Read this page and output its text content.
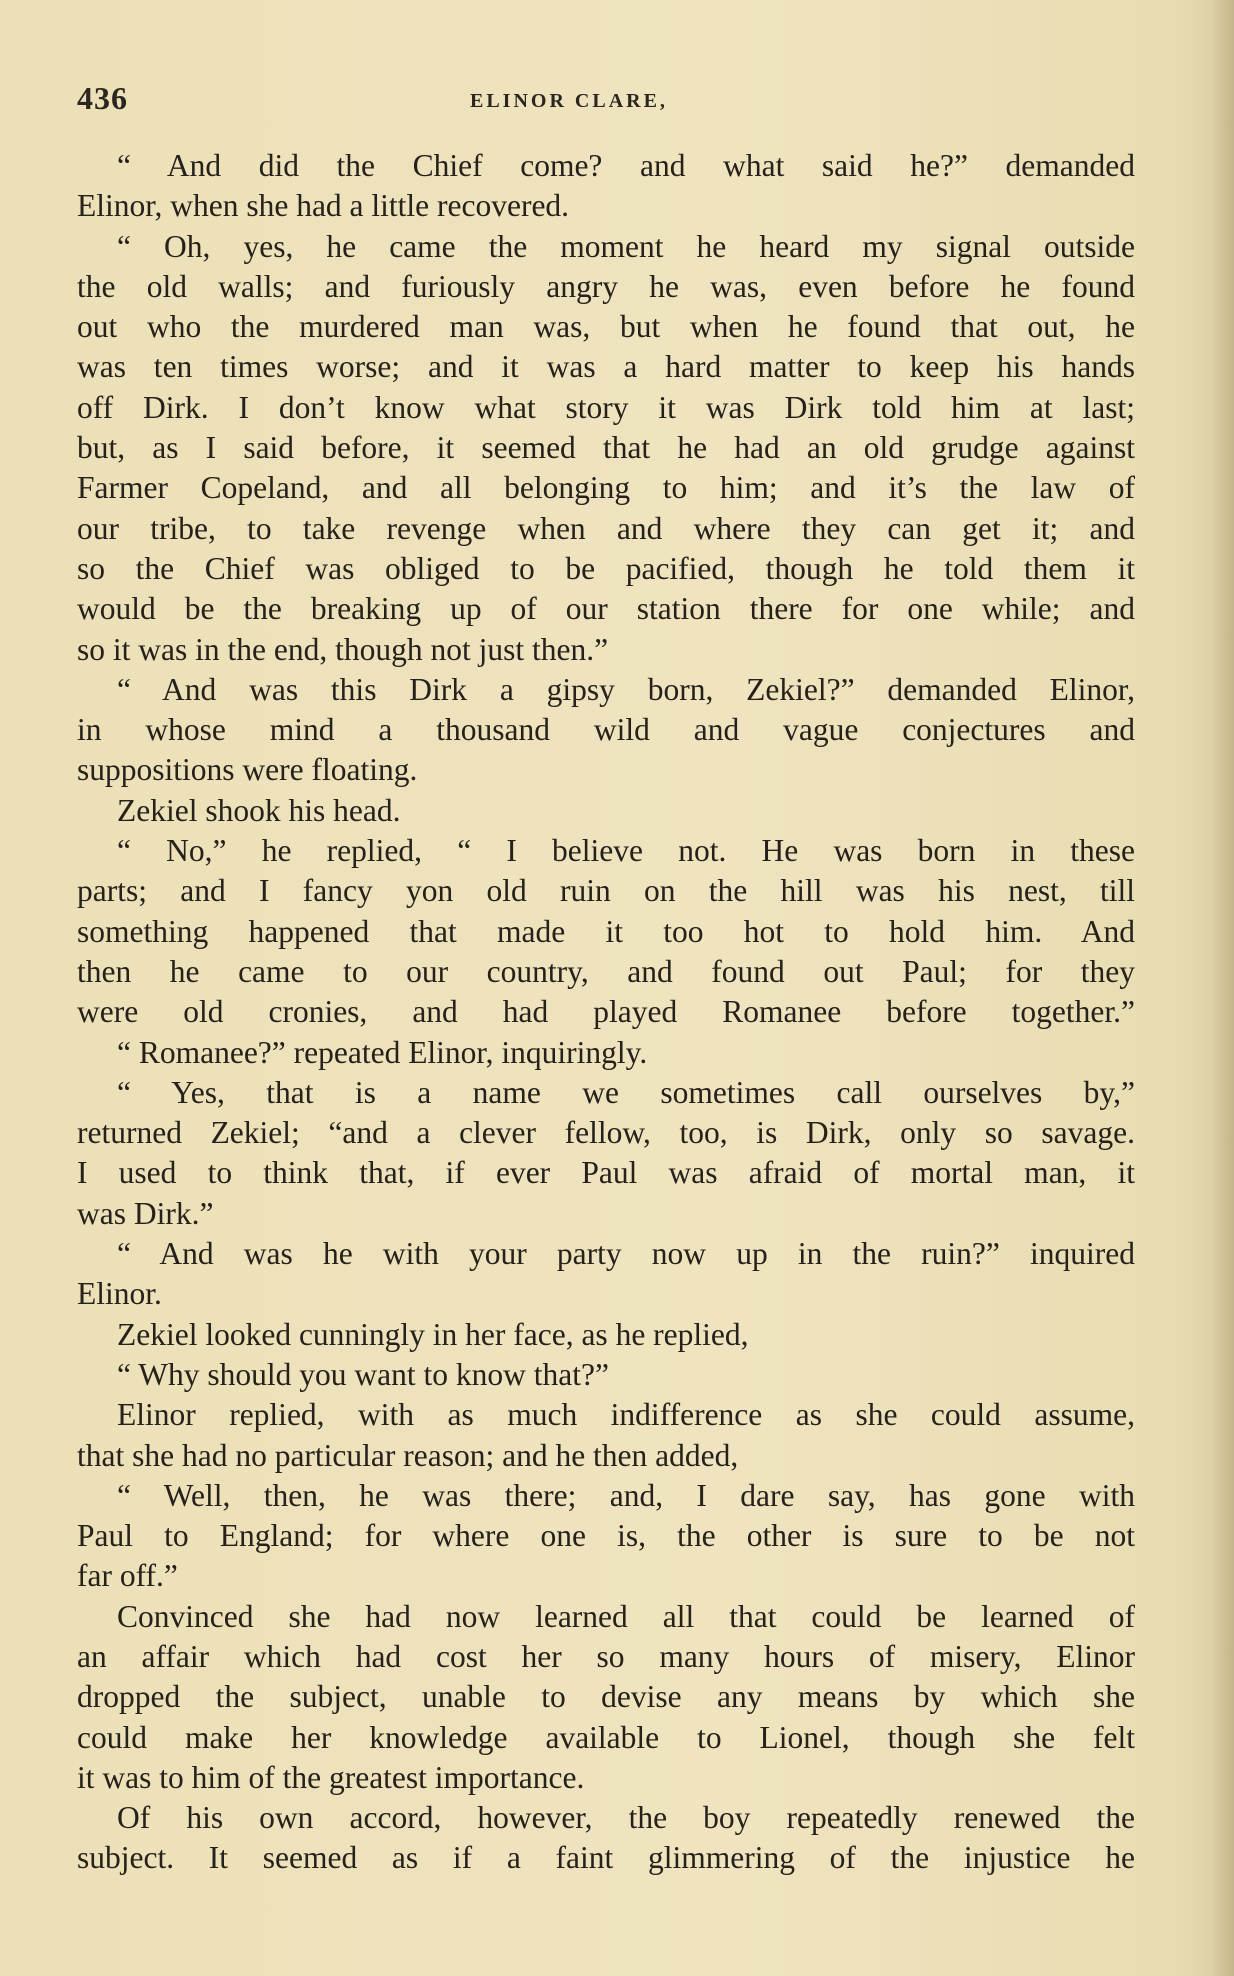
436	ELINOR CLARE,
“ And did the Chief come? and what said he?” demanded
Elinor, when she had a little recovered.
“ Oh, yes, he came the moment he heard my signal outside
the old walls; and furiously angry he was, even before he found
out who the murdered man was, but when he found that out, he
was ten times worse; and it was a hard matter to keep his hands
off Dirk. I don’t know what story it was Dirk told him at last;
but, as I said before, it seemed that he had an old grudge against
Farmer Copeland, and all belonging to him; and it’s the law of
our tribe, to take revenge when and where they can get it; and
so the Chief was obliged to be pacified, though he told them it
would be the breaking up of our station there for one while; and
so it was in the end, though not just then.”
“ And was this Dirk a gipsy born, Zekiel?” demanded Elinor,
in whose mind a thousand wild and vague conjectures and
suppositions were floating.
Zekiel shook his head.
“ No,” he replied, “ I believe not. He was born in these
parts; and I fancy yon old ruin on the hill was his nest, till
something happened that made it too hot to hold him. And
then he came to our country, and found out Paul; for they
were old cronies, and had played Romanee before together.”
“ Romanee?” repeated Elinor, inquiringly.
“ Yes, that is a name we sometimes call ourselves by,”
returned Zekiel; “and a clever fellow, too, is Dirk, only so savage.
I used to think that, if ever Paul was afraid of mortal man, it
was Dirk.”
“ And was he with your party now up in the ruin?” inquired
Elinor.
Zekiel looked cunningly in her face, as he replied,
“ Why should you want to know that?”
Elinor replied, with as much indifference as she could assume,
that she had no particular reason; and he then added,
“ Well, then, he was there; and, I dare say, has gone with
Paul to England; for where one is, the other is sure to be not
far off.”
Convinced she had now learned all that could be learned of
an affair which had cost her so many hours of misery, Elinor
dropped the subject, unable to devise any means by which she
could make her knowledge available to Lionel, though she felt
it was to him of the greatest importance.
Of his own accord, however, the boy repeatedly renewed the
subject. It seemed as if a faint glimmering of the injustice he
